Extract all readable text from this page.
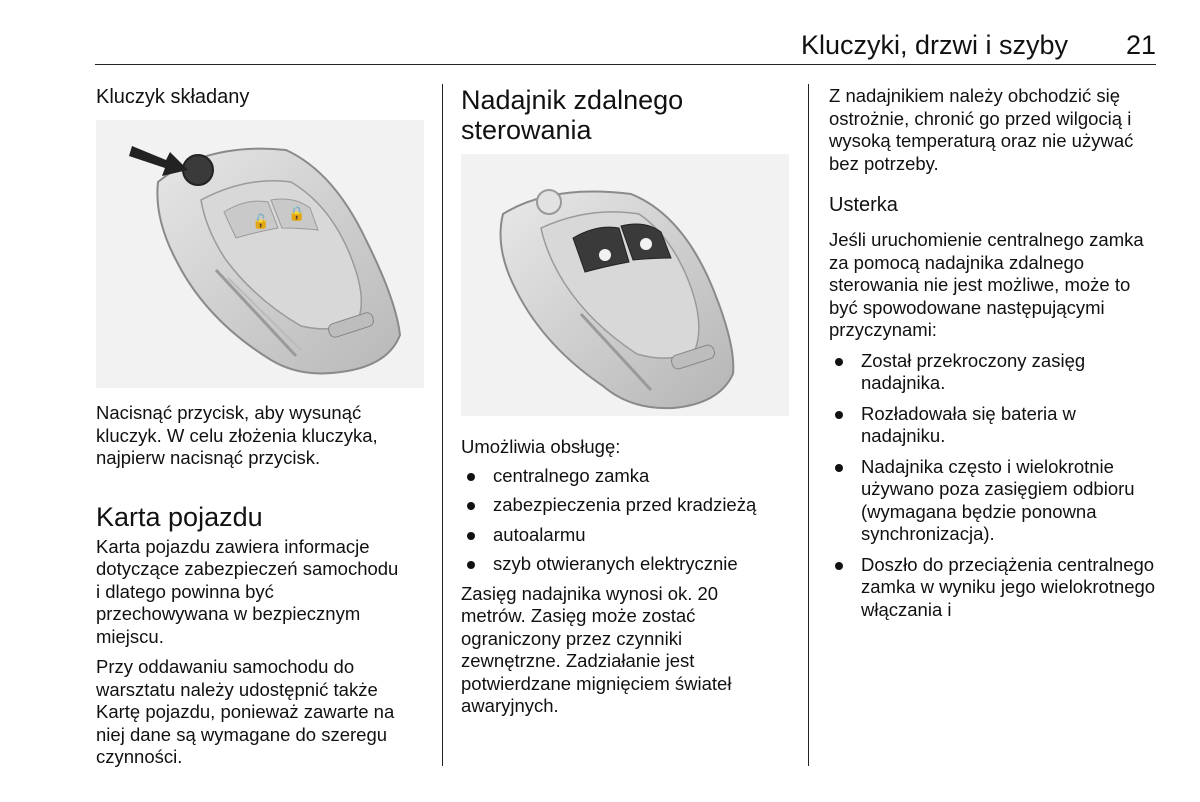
Kluczyki, drzwi i szyby 21
Kluczyk składany
🔓 🔒

Nacisnąć przycisk, aby wysunąć kluczyk. W celu złożenia kluczyka, najpierw nacisnąć przycisk.

Karta pojazdu

Karta pojazdu zawiera informacje dotyczące zabezpieczeń samochodu i dlatego powinna być przechowywana w bezpiecznym miejscu.

Przy oddawaniu samochodu do warsztatu należy udostępnić także Kartę pojazdu, ponieważ zawarte na niej dane są wymagane do szeregu czynności.

Nadajnik zdalnego sterowania

Umożliwia obsługę:

centralnego zamka
zabezpieczenia przed kradzieżą
autoalarmu
szyb otwieranych elektrycznie

Zasięg nadajnika wynosi ok. 20 metrów. Zasięg może zostać ograniczony przez czynniki zewnętrzne. Zadziałanie jest potwierdzane mignięciem świateł awaryjnych.

Z nadajnikiem należy obchodzić się ostrożnie, chronić go przed wilgocią i wysoką temperaturą oraz nie używać bez potrzeby.

Usterka

Jeśli uruchomienie centralnego zamka za pomocą nadajnika zdalnego sterowania nie jest możliwe, może to być spowodowane następującymi przyczynami:

Został przekroczony zasięg nadajnika.
Rozładowała się bateria w nadajniku.
Nadajnika często i wielokrotnie używano poza zasięgiem odbioru (wymagana będzie ponowna synchronizacja).
Doszło do przeciążenia centralnego zamka w wyniku jego wielokrotnego włączania i
